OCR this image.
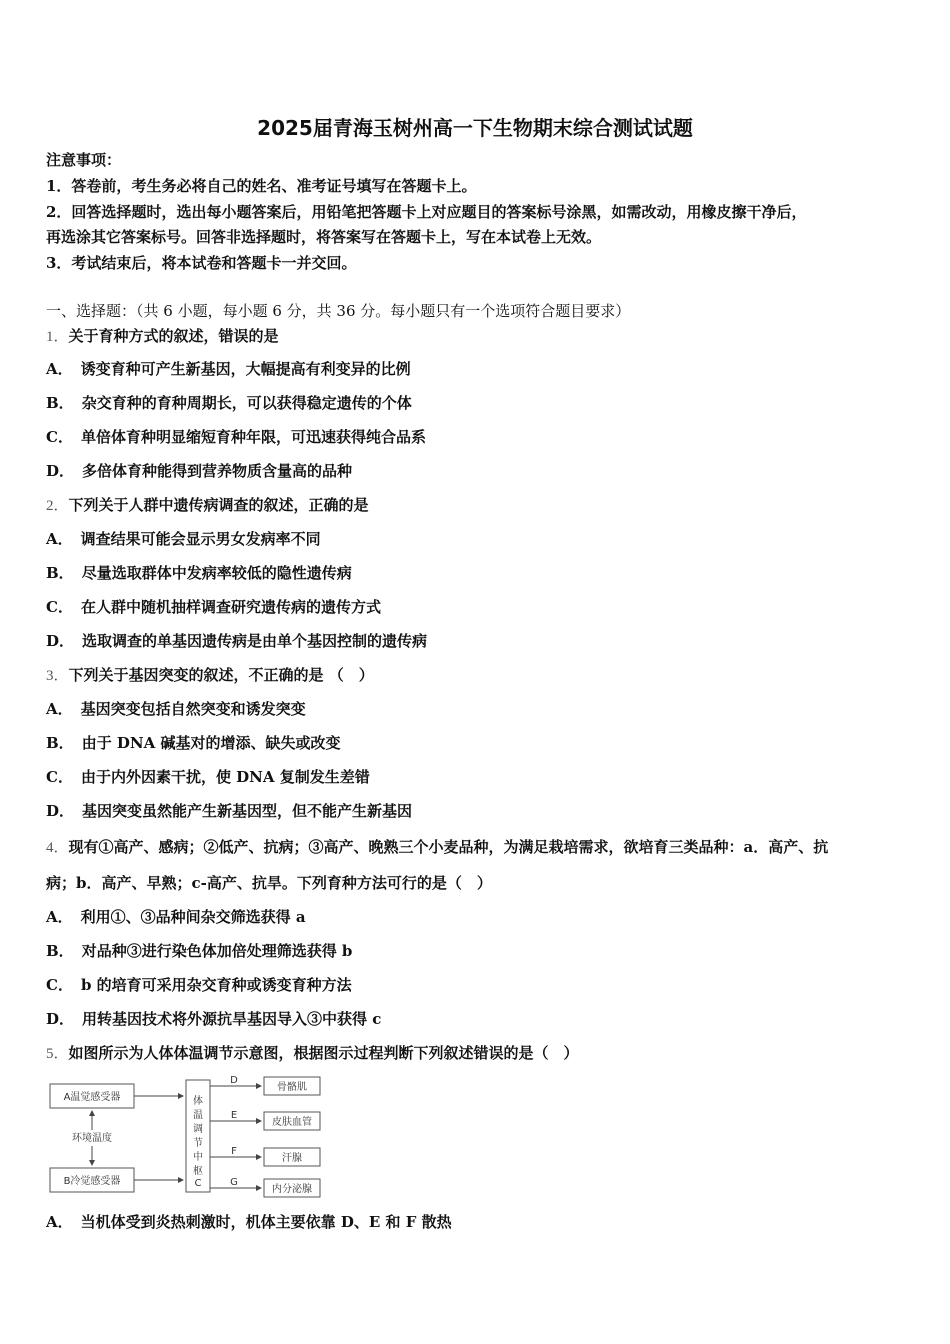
2025届青海玉树州高一下生物期末综合测试试题
注意事项：
1．答卷前，考生务必将自己的姓名、准考证号填写在答题卡上。
2．回答选择题时，选出每小题答案后，用铅笔把答题卡上对应题目的答案标号涂黑，如需改动，用橡皮擦干净后，
再选涂其它答案标号。回答非选择题时，将答案写在答题卡上，写在本试卷上无效。
3．考试结束后，将本试卷和答题卡一并交回。
一、选择题：（共 6 小题，每小题 6 分，共 36 分。每小题只有一个选项符合题目要求）
1．关于育种方式的叙述，错误的是
A． 诱变育种可产生新基因，大幅提高有利变异的比例
B． 杂交育种的育种周期长，可以获得稳定遗传的个体
C． 单倍体育种明显缩短育种年限，可迅速获得纯合品系
D． 多倍体育种能得到营养物质含量高的品种
2．下列关于人群中遗传病调查的叙述，正确的是
A． 调查结果可能会显示男女发病率不同
B． 尽量选取群体中发病率较低的隐性遗传病
C． 在人群中随机抽样调查研究遗传病的遗传方式
D． 选取调查的单基因遗传病是由单个基因控制的遗传病
3．下列关于基因突变的叙述，不正确的是 （　）
A． 基因突变包括自然突变和诱发突变
B． 由于 DNA 碱基对的增添、缺失或改变
C． 由于内外因素干扰，使 DNA 复制发生差错
D． 基因突变虽然能产生新基因型，但不能产生新基因
4．现有①高产、感病；②低产、抗病；③高产、晚熟三个小麦品种，为满足栽培需求，欲培育三类品种：a．高产、抗
病；b．高产、早熟；c-高产、抗旱。下列育种方法可行的是（　）
A． 利用①、③品种间杂交筛选获得 a
B． 对品种③进行染色体加倍处理筛选获得 b
C． b 的培育可采用杂交育种或诱变育种方法
D． 用转基因技术将外源抗旱基因导入③中获得 c
5．如图所示为人体体温调节示意图，根据图示过程判断下列叙述错误的是（　）
A温觉感受器
B冷觉感受器
环境温度
体
温
调
节
中
枢
C
D
E
F
G
骨骼肌
皮肤血管
汗腺
内分泌腺
A． 当机体受到炎热刺激时，机体主要依靠 D、E 和 F 散热
